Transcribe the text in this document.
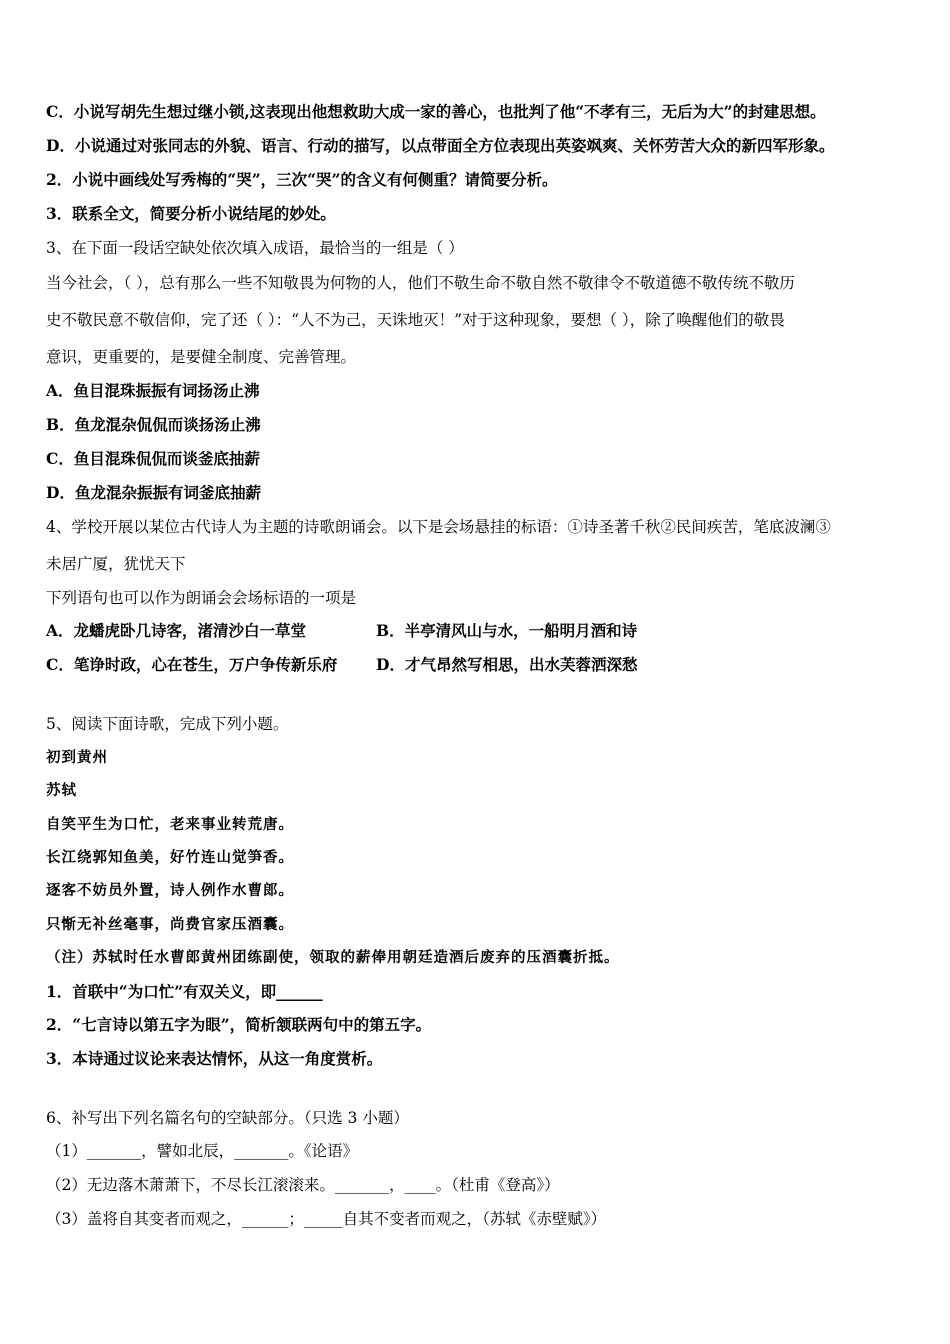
C．小说写胡先生想过继小锁,这表现出他想救助大成一家的善心，也批判了他“不孝有三，无后为大”的封建思想。
D．小说通过对张同志的外貌、语言、行动的描写，以点带面全方位表现出英姿飒爽、关怀劳苦大众的新四军形象。
2．小说中画线处写秀梅的“哭”，三次“哭”的含义有何侧重？请简要分析。
3．联系全文，简要分析小说结尾的妙处。
3、在下面一段话空缺处依次填入成语，最恰当的一组是（ ）
当今社会，（ ），总有那么一些不知敬畏为何物的人，他们不敬生命不敬自然不敬律令不敬道德不敬传统不敬历
史不敬民意不敬信仰，完了还（ ）：“人不为己，天诛地灭！”对于这种现象，要想（ ），除了唤醒他们的敬畏
意识，更重要的，是要健全制度、完善管理。
A．鱼目混珠振振有词扬汤止沸
B．鱼龙混杂侃侃而谈扬汤止沸
C．鱼目混珠侃侃而谈釜底抽薪
D．鱼龙混杂振振有词釜底抽薪
4、学校开展以某位古代诗人为主题的诗歌朗诵会。以下是会场悬挂的标语：①诗圣著千秋②民间疾苦，笔底波澜③
未居广厦，犹忧天下
下列语句也可以作为朗诵会会场标语的一项是
A．龙蟠虎卧几诗客，渚清沙白一草堂	B．半亭清风山与水，一船明月酒和诗
C．笔诤时政，心在苍生，万户争传新乐府 D．才气昂然写相思，出水芙蓉洒深愁
5、阅读下面诗歌，完成下列小题。
初到黄州
苏轼
自笑平生为口忙，老来事业转荒唐。
长江绕郭知鱼美，好竹连山觉笋香。
逐客不妨员外置，诗人例作水曹郎。
只惭无补丝毫事，尚费官家压酒囊。
（注）苏轼时任水曹郎黄州团练副使，领取的薪俸用朝廷造酒后废弃的压酒囊折抵。
1．首联中“为口忙”有双关义，即______
2．“七言诗以第五字为眼”，简析颔联两句中的第五字。
3．本诗通过议论来表达情怀，从这一角度赏析。
6、补写出下列名篇名句的空缺部分。（只选 3 小题）
（1）_______，譬如北辰，_______。《论语》
（2）无边落木萧萧下，不尽长江滚滚来。_______，____。（杜甫《登高》）
（3）盖将自其变者而观之，______；_____自其不变者而观之，（苏轼《赤壁赋》）
